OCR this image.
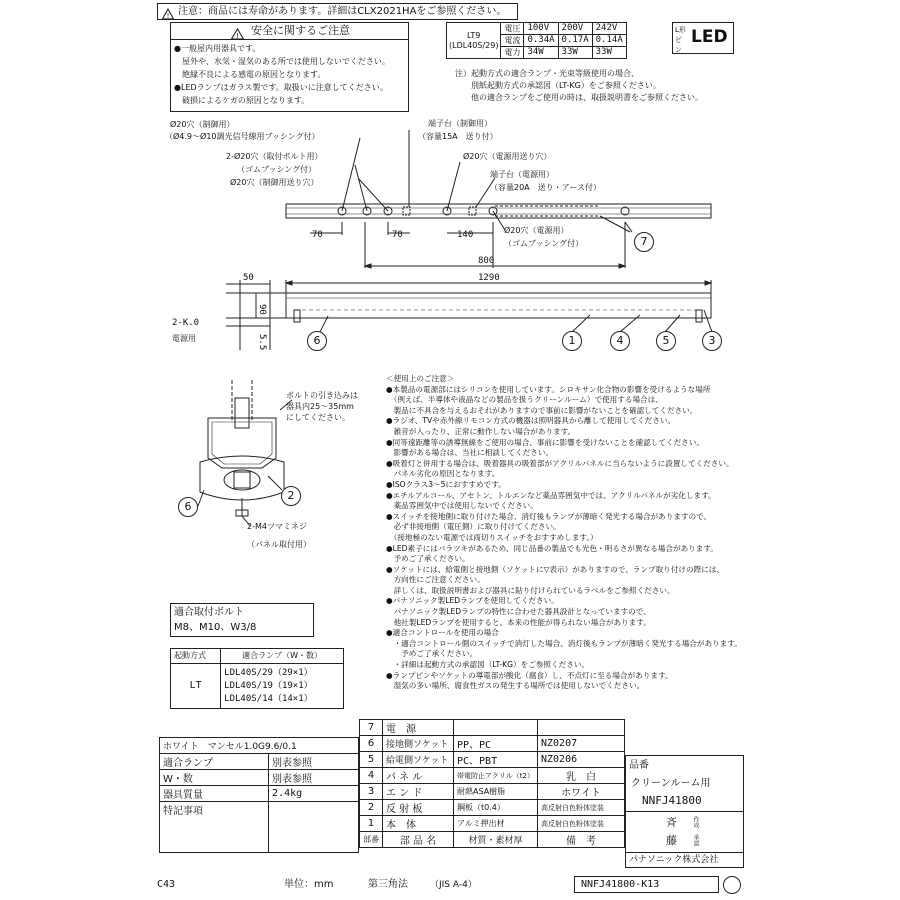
! 注意：商品には寿命があります。詳細はCLX2021HAをご参照ください。
! 安全に関するご注意
●一般屋内用器具です。
　屋外や、水気・湿気のある所では使用しないでください。
　絶縁不良による感電の原因となります。
●LEDランプはガラス製です。取扱いに注意してください。
　破損によるケガの原因となります。
LT9
(LDL40S/29)	電圧	100V	200V	242V
	電流	0.34A	0.17A	0.14A
	電力	34W	33W	33W
L形ピン
LED
注）起動方式の適合ランプ・光束等級使用の場合、
　　別紙起動方式の承認図（LT-KG）をご参照ください。
　　他の適合ランプをご使用の時は、取扱説明書をご参照ください。
Ø20穴（制御用）
（Ø4.9～Ø10調光信号線用ブッシング付）
2-Ø20穴（取付ボルト用）
（ゴムブッシング付）
Ø20穴（制御用送り穴）
端子台（制御用）
（容量15A　送り付）
Ø20穴（電源用送り穴）
端子台（電源用）
（容量20A　送り・アース付）
Ø20穴（電源用）
（ゴムブッシング付）
70	70	140
800
1290
50
90
5.5
2-K.0
電源用
7
6	1	4	5	3
ボルトの引き込みは
器具内25～35mm
にしてください。
2
6
2-M4ツマミネジ
（パネル取付用）
＜使用上のご注意＞
●本製品の電源部にはシリコンを使用しています。シロキサン化合物の影響を受けるような場所
　（例えば、半導体や液晶などの製品を扱うクリーンルーム）で使用する場合は、
　製品に不具合を与えるおそれがありますので事前に影響がないことを確認してください。
●ラジオ、TVや赤外線リモコン方式の機器は照明器具から離して使用してください。
　雑音が入ったり、正常に動作しない場合があります。
●同等遠距離等の誘導無線をご使用の場合、事前に影響を受けないことを確認してください。
　影響がある場合は、当社に相談してください。
●吸着灯と併用する場合は、吸着器具の吸着部がアクリルパネルに当らないように設置してください。
　パネル劣化の原因となります。
●ISOクラス3～5におすすめです。
●エチルアルコール、アセトン、トルエンなど薬品雰囲気中では、アクリルパネルが劣化します。
　薬品雰囲気中では使用しないでください。
●スイッチを接地側に取り付けた場合、消灯後もランプが薄暗く発光する場合がありますので、
　必ず非接地側（電圧側）に取り付けてください。
　（接地極のない電源では両切りスイッチをおすすめします。）
●LED素子にはバラツキがあるため、同じ品番の製品でも光色・明るさが異なる場合があります。
　予めご了承ください。
●ソケットには、給電側と接地側（ソケットに▽表示）がありますので、ランプ取り付けの際には、
　方向性にご注意ください。
　詳しくは、取扱説明書および器具に貼り付けられているラベルをご参照ください。
●パナソニック製LEDランプを使用してください。
　パナソニック製LEDランプの特性に合わせた器具設計となっていますので、
　他社製LEDランプを使用すると、本来の性能が得られない場合があります。
●適合コントロールを使用の場合
　・適合コントロール側のスイッチで消灯した場合、消灯後もランプが薄暗く発光する場合があります。
　　予めご了承ください。
　・詳細は起動方式の承認図（LT-KG）をご参照ください。
●ランプピンやソケットの導電部が酸化（腐食）し、不点灯に至る場合があります。
　湿気の多い場所、腐食性ガスの発生する場所では使用しないでください。
適合取付ボルト
M8、M10、W3/8
起動方式	適合ランプ（W・数）
LT	LDL40S/29（29×1）
LDL40S/19（19×1）
LDL40S/14（14×1）
ホワイト　マンセル1.0G9.6/0.1	
適合ランプ	別表参照
W・数	別表参照
器具質量	2.4kg
特記事項	
7	電　源		
6	接地側ソケット	PP、PC	NZ0207
5	給電側ソケット	PC、PBT	NZ0206
4	パ ネ ル	帯電防止アクリル（t2）	乳　白
3	エ ン ド	耐熱ASA樹脂	ホワイト
2	反 射 板	鋼板（t0.4）	高反射白色粉体塗装
1	本　体	アルミ押出材	高反射白色粉体塗装
部番	部 品 名	材質・素材厚	備　考
品番
クリーンルーム用
NNFJ41800
斉	作成
藤	承認
パナソニック株式会社
C43	単位：mm	第三角法 （JIS A-4）	NNFJ41800-K13
